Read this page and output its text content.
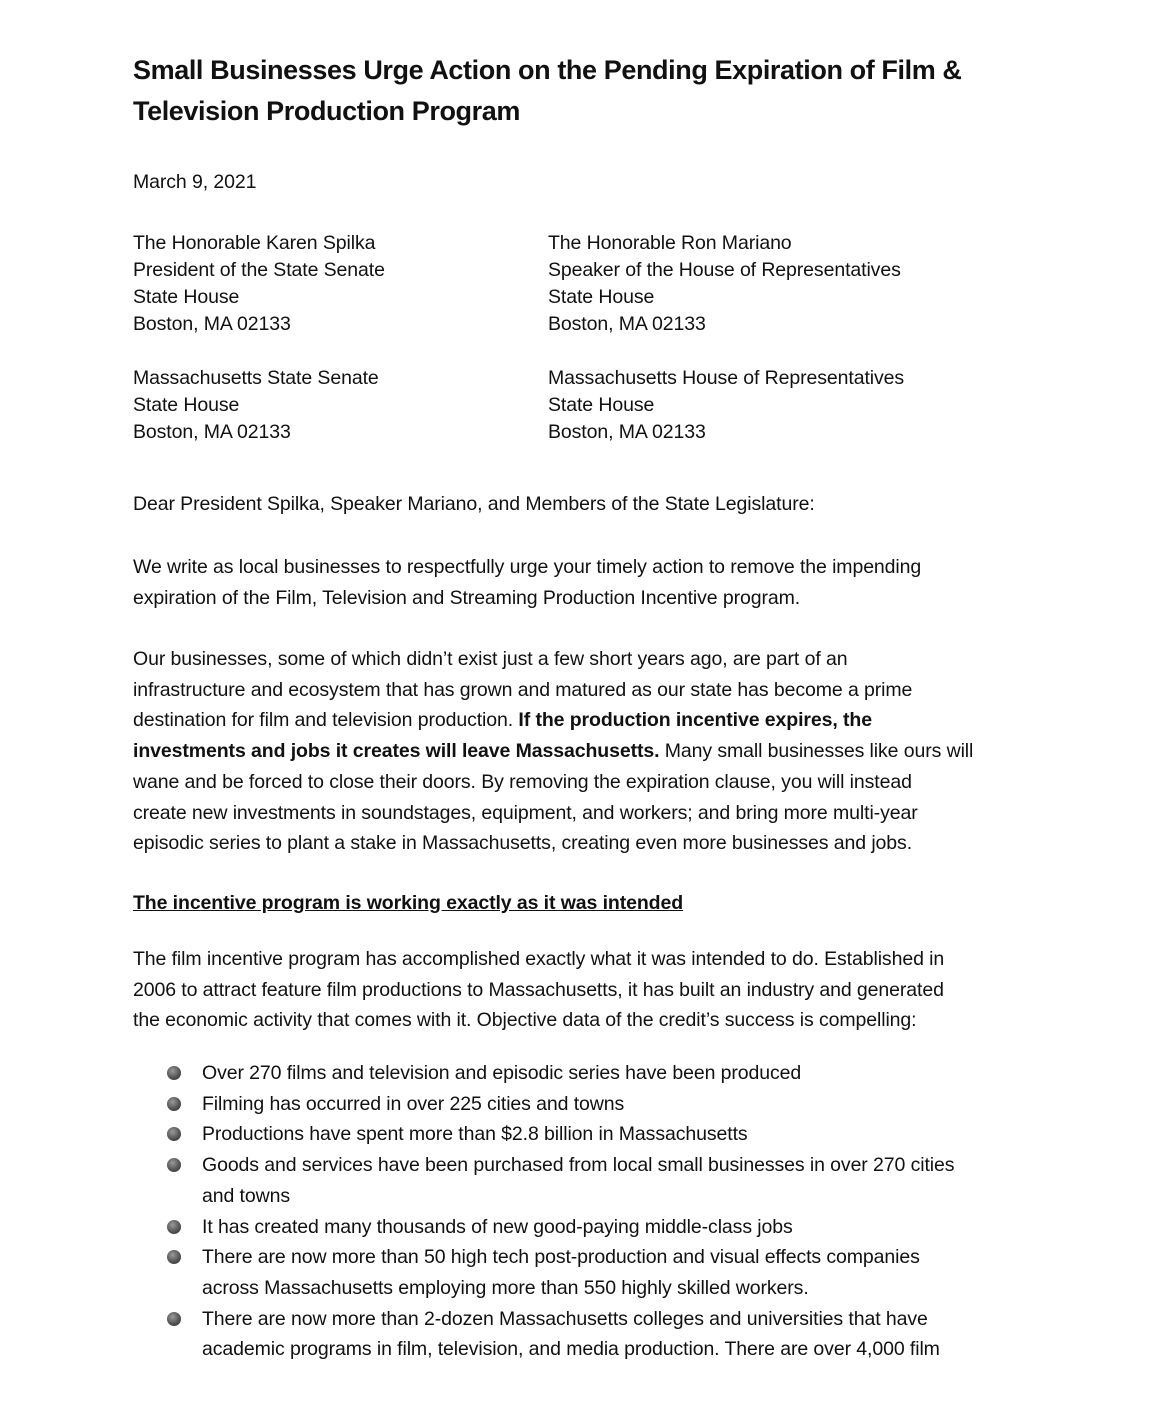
Small Businesses Urge Action on the Pending Expiration of Film &
Television Production Program

March 9, 2021

The Honorable Karen Spilka
President of the State Senate
State House
Boston, MA 02133
The Honorable Ron Mariano
Speaker of the House of Representatives
State House
Boston, MA 02133
Massachusetts State Senate
State House
Boston, MA 02133
Massachusetts House of Representatives
State House
Boston, MA 02133

Dear President Spilka, Speaker Mariano, and Members of the State Legislature:

We write as local businesses to respectfully urge your timely action to remove the impending
expiration of the Film, Television and Streaming Production Incentive program.

Our businesses, some of which didn’t exist just a few short years ago, are part of an
infrastructure and ecosystem that has grown and matured as our state has become a prime
destination for film and television production. If the production incentive expires, the
investments and jobs it creates will leave Massachusetts. Many small businesses like ours will
wane and be forced to close their doors. By removing the expiration clause, you will instead
create new investments in soundstages, equipment, and workers; and bring more multi-year
episodic series to plant a stake in Massachusetts, creating even more businesses and jobs.

The incentive program is working exactly as it was intended

The film incentive program has accomplished exactly what it was intended to do. Established in
2006 to attract feature film productions to Massachusetts, it has built an industry and generated
the economic activity that comes with it. Objective data of the credit’s success is compelling:

Over 270 films and television and episodic series have been produced
Filming has occurred in over 225 cities and towns
Productions have spent more than $2.8 billion in Massachusetts
Goods and services have been purchased from local small businesses in over 270 cities
and towns
It has created many thousands of new good-paying middle-class jobs
There are now more than 50 high tech post-production and visual effects companies
across Massachusetts employing more than 550 highly skilled workers.
There are now more than 2-dozen Massachusetts colleges and universities that have
academic programs in film, television, and media production. There are over 4,000 film
